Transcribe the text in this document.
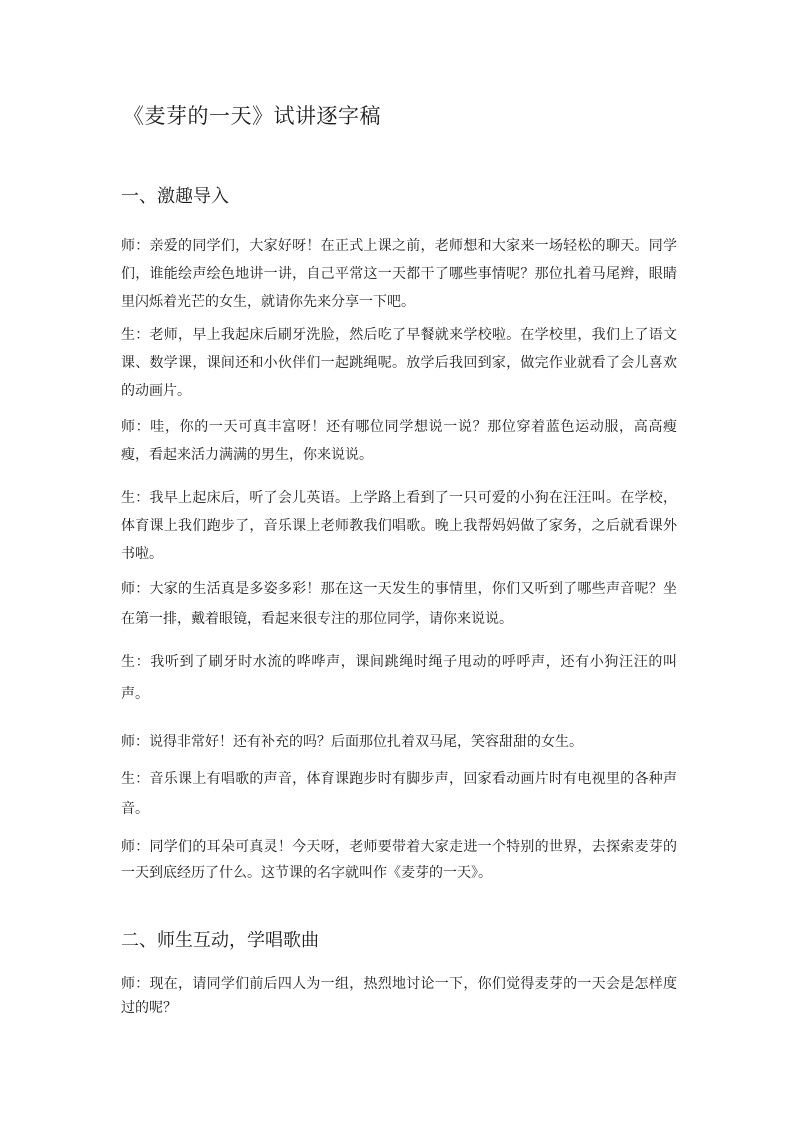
《麦芽的一天》试讲逐字稿
一、激趣导入

师：亲爱的同学们，大家好呀！在正式上课之前，老师想和大家来一场轻松的聊天。同学们，谁能绘声绘色地讲一讲，自己平常这一天都干了哪些事情呢？那位扎着马尾辫，眼睛里闪烁着光芒的女生，就请你先来分享一下吧。

生：老师，早上我起床后刷牙洗脸，然后吃了早餐就来学校啦。在学校里，我们上了语文课、数学课，课间还和小伙伴们一起跳绳呢。放学后我回到家，做完作业就看了会儿喜欢的动画片。

师：哇，你的一天可真丰富呀！还有哪位同学想说一说？那位穿着蓝色运动服，高高瘦瘦，看起来活力满满的男生，你来说说。

生：我早上起床后，听了会儿英语。上学路上看到了一只可爱的小狗在汪汪叫。在学校，体育课上我们跑步了，音乐课上老师教我们唱歌。晚上我帮妈妈做了家务，之后就看课外书啦。

师：大家的生活真是多姿多彩！那在这一天发生的事情里，你们又听到了哪些声音呢？坐在第一排，戴着眼镜，看起来很专注的那位同学，请你来说说。

生：我听到了刷牙时水流的哗哗声，课间跳绳时绳子甩动的呼呼声，还有小狗汪汪的叫声。

师：说得非常好！还有补充的吗？后面那位扎着双马尾，笑容甜甜的女生。

生：音乐课上有唱歌的声音，体育课跑步时有脚步声，回家看动画片时有电视里的各种声音。

师：同学们的耳朵可真灵！今天呀，老师要带着大家走进一个特别的世界，去探索麦芽的一天到底经历了什么。这节课的名字就叫作《麦芽的一天》。

二、师生互动，学唱歌曲

师：现在，请同学们前后四人为一组，热烈地讨论一下，你们觉得麦芽的一天会是怎样度过的呢？
